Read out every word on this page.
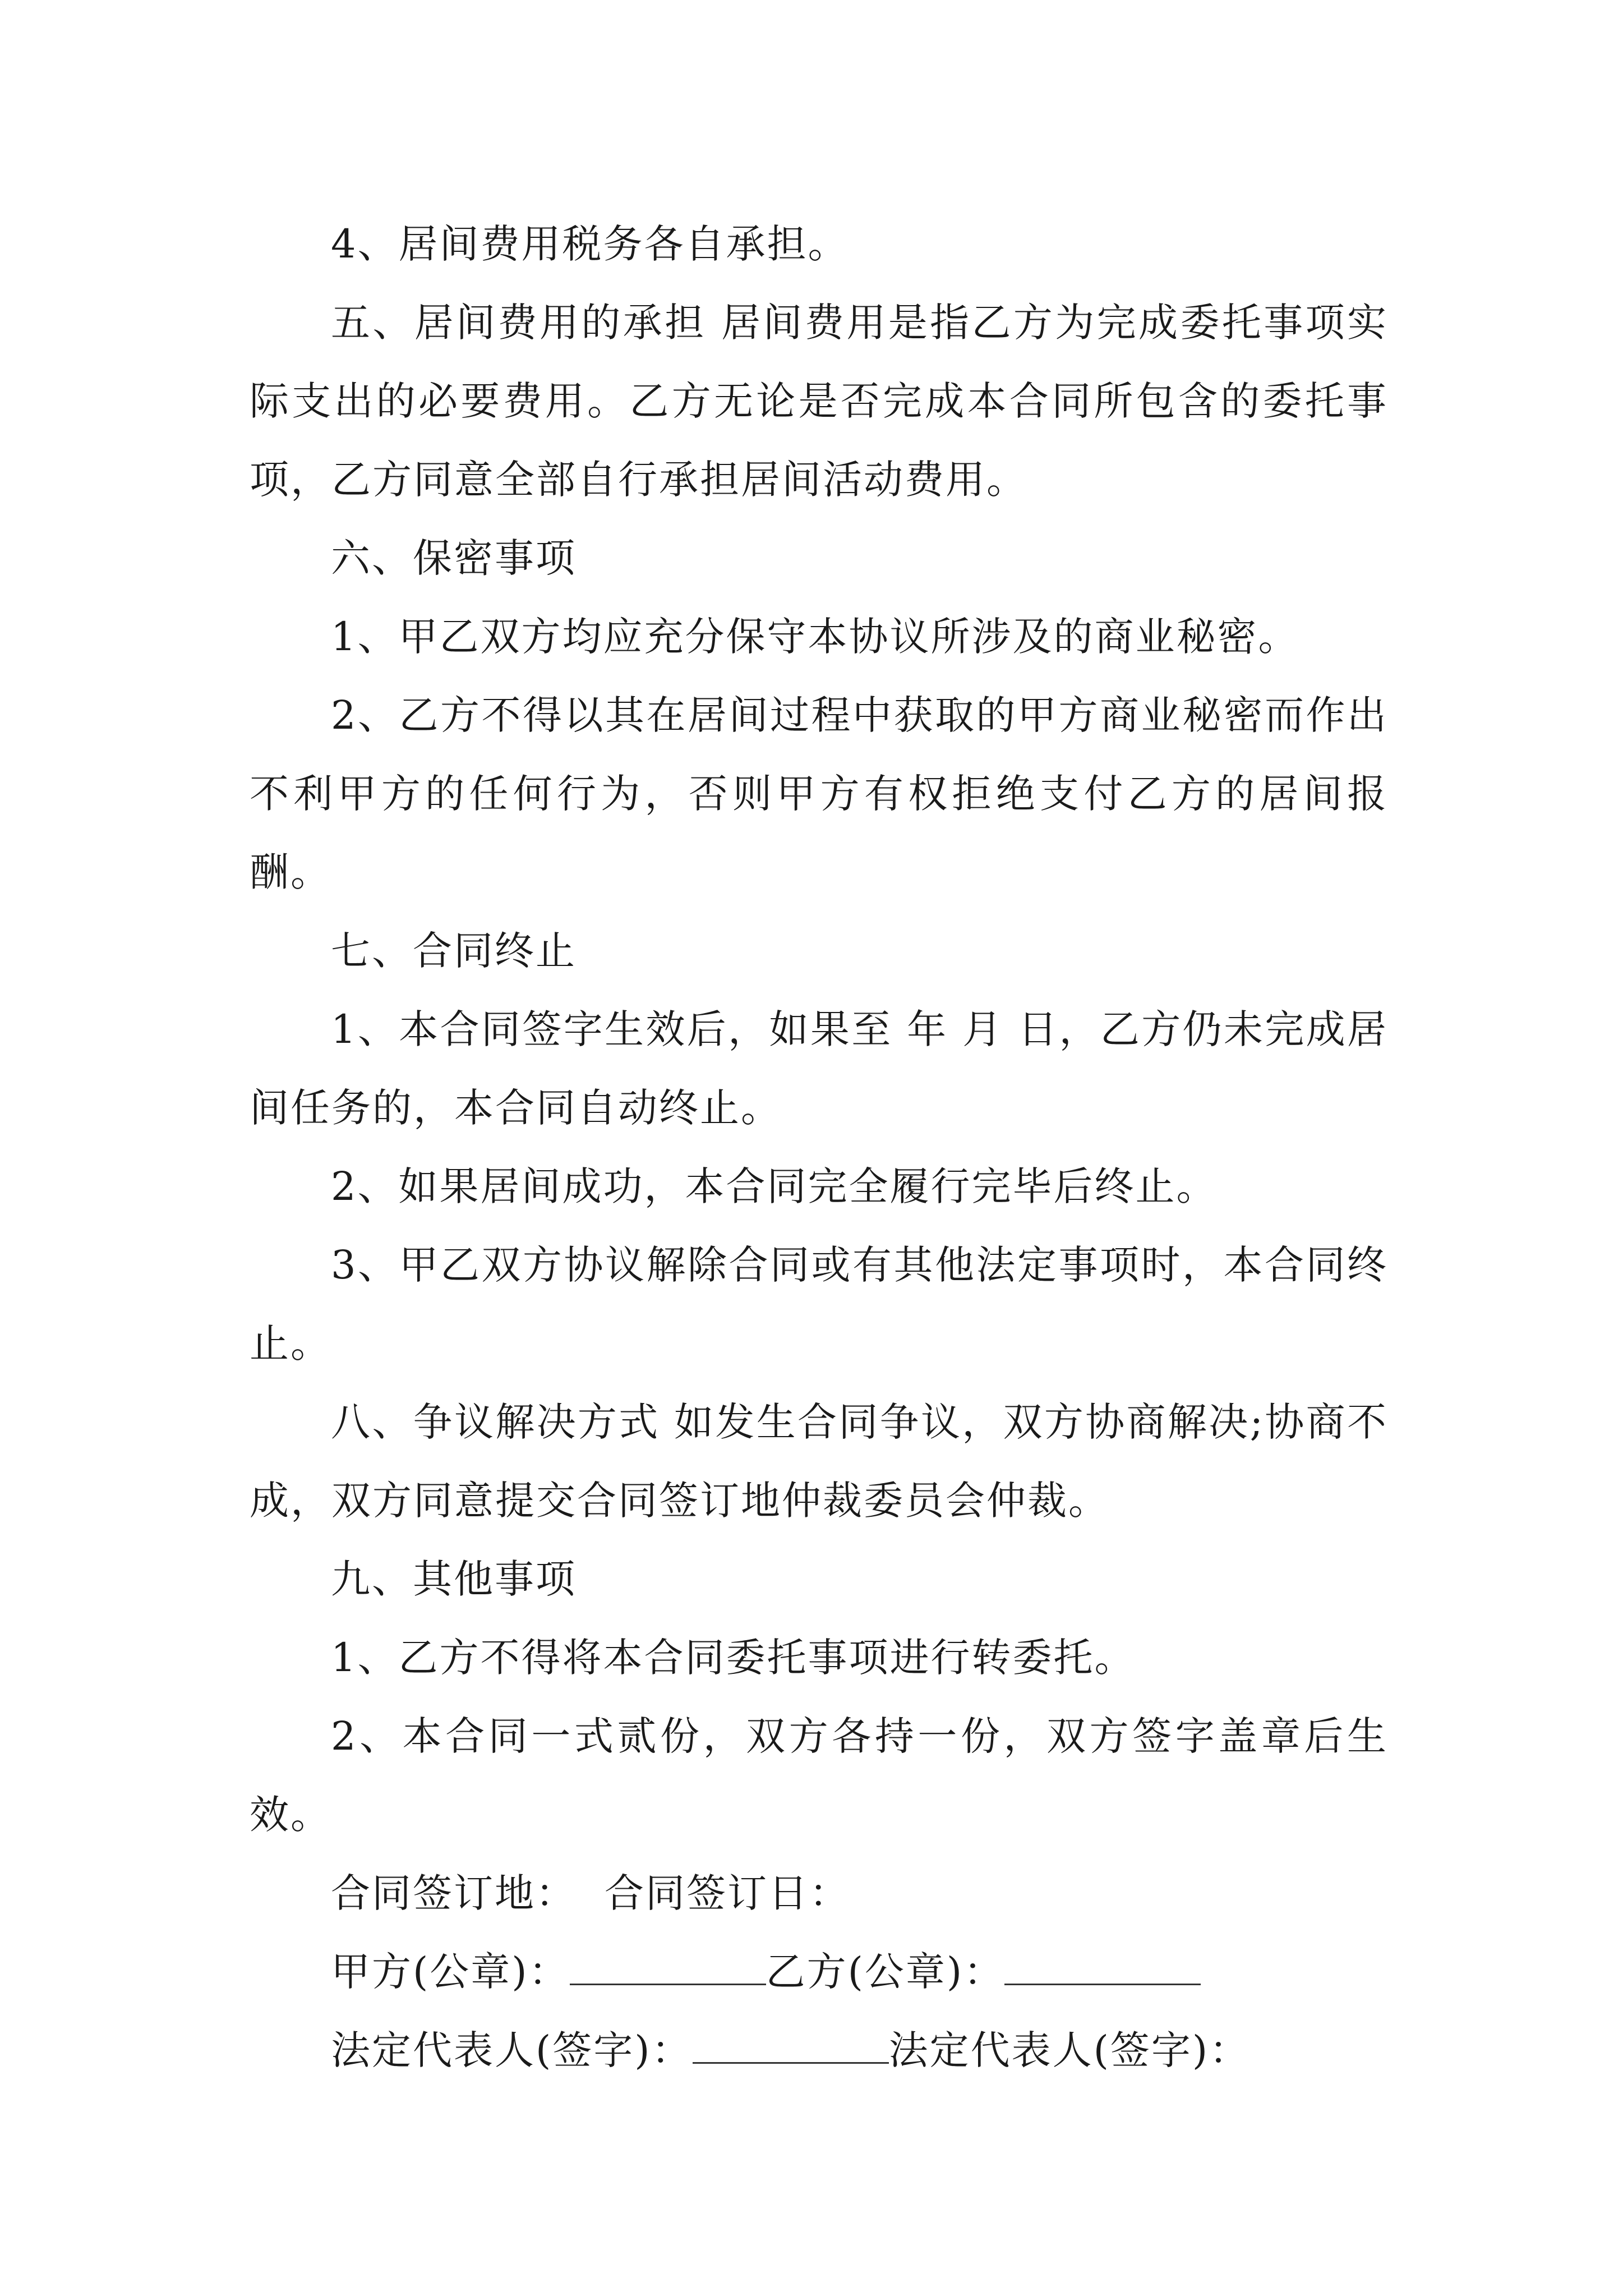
4、居间费用税务各自承担。

五、居间费用的承担 居间费用是指乙方为完成委托事项实际支出的必要费用。乙方无论是否完成本合同所包含的委托事项，乙方同意全部自行承担居间活动费用。

六、保密事项

1、甲乙双方均应充分保守本协议所涉及的商业秘密。

2、乙方不得以其在居间过程中获取的甲方商业秘密而作出不利甲方的任何行为，否则甲方有权拒绝支付乙方的居间报酬。

七、合同终止

1、本合同签字生效后，如果至 年 月 日，乙方仍未完成居间任务的，本合同自动终止。

2、如果居间成功，本合同完全履行完毕后终止。

3、甲乙双方协议解除合同或有其他法定事项时，本合同终止。

八、争议解决方式 如发生合同争议，双方协商解决;协商不成，双方同意提交合同签订地仲裁委员会仲裁。

九、其他事项

1、乙方不得将本合同委托事项进行转委托。

2、本合同一式贰份，双方各持一份，双方签字盖章后生效。

合同签订地： 合同签订日：

甲方(公章)：	乙方(公章)：

法定代表人(签字)：	法定代表人(签字)：
